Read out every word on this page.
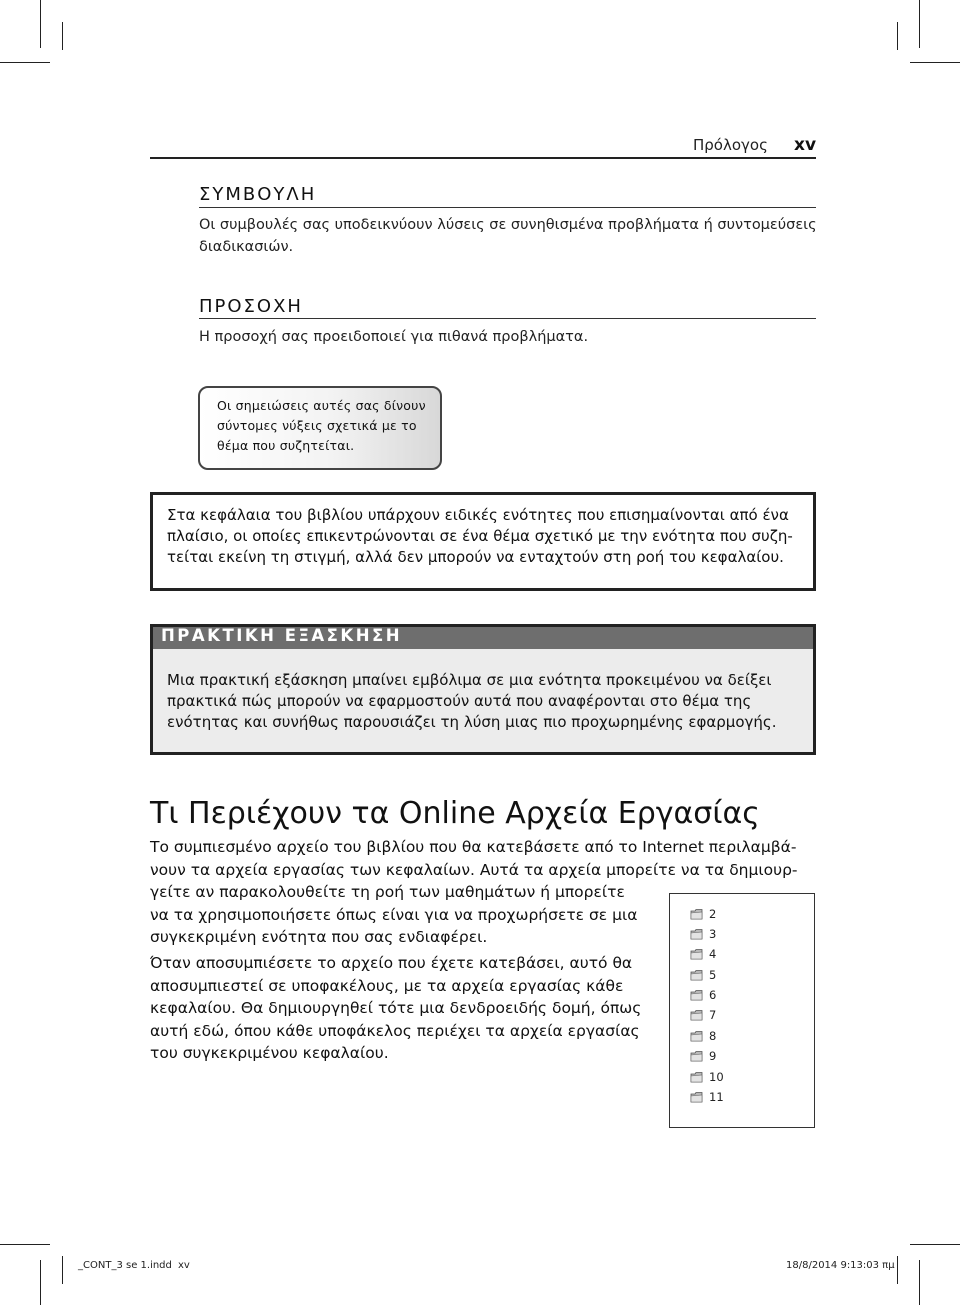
Πρόλογος xv
ΣΥΜΒΟΥΛΗ
Οι συμβουλές σας υποδεικνύουν λύσεις σε συνηθισμένα προβλήματα ή συντομεύσεις
διαδικασιών.
ΠΡΟΣΟΧΗ
Η προσοχή σας προειδοποιεί για πιθανά προβλήματα.
Οι σημειώσεις αυτές σας δίνουν
σύντομες νύξεις σχετικά με το
θέμα που συζητείται.
Στα κεφάλαια του βιβλίου υπάρχουν ειδικές ενότητες που επισημαίνονται από ένα
πλαίσιο, οι οποίες επικεντρώνονται σε ένα θέμα σχετικό με την ενότητα που συζη-
τείται εκείνη τη στιγμή, αλλά δεν μπορούν να ενταχτούν στη ροή του κεφαλαίου.
ΠΡΑΚΤΙΚΗ ΕΞΑΣΚΗΣΗ
Μια πρακτική εξάσκηση μπαίνει εμβόλιμα σε μια ενότητα προκειμένου να δείξει
πρακτικά πώς μπορούν να εφαρμοστούν αυτά που αναφέρονται στο θέμα της
ενότητας και συνήθως παρουσιάζει τη λύση μιας πιο προχωρημένης εφαρμογής.
Τι Περιέχουν τα Online Αρχεία Εργασίας
Το συμπιεσμένο αρχείο του βιβλίου που θα κατεβάσετε από το Internet περιλαμβά-
νουν τα αρχεία εργασίας των κεφαλαίων. Αυτά τα αρχεία μπορείτε να τα δημιουρ-
γείτε αν παρακολουθείτε τη ροή των μαθημάτων ή μπορείτε
να τα χρησιμοποιήσετε όπως είναι για να προχωρήσετε σε μια
συγκεκριμένη ενότητα που σας ενδιαφέρει.
Όταν αποσυμπιέσετε το αρχείο που έχετε κατεβάσει, αυτό θα
αποσυμπιεστεί σε υποφακέλους, με τα αρχεία εργασίας κάθε
κεφαλαίου. Θα δημιουργηθεί τότε μια δενδροειδής δομή, όπως
αυτή εδώ, όπου κάθε υποφάκελος περιέχει τα αρχεία εργασίας
του συγκεκριμένου κεφαλαίου.
2
3
4
5
6
7
8
9
10
11
_CONT_3 se 1.indd xv	18/8/2014 9:13:03 πμ
